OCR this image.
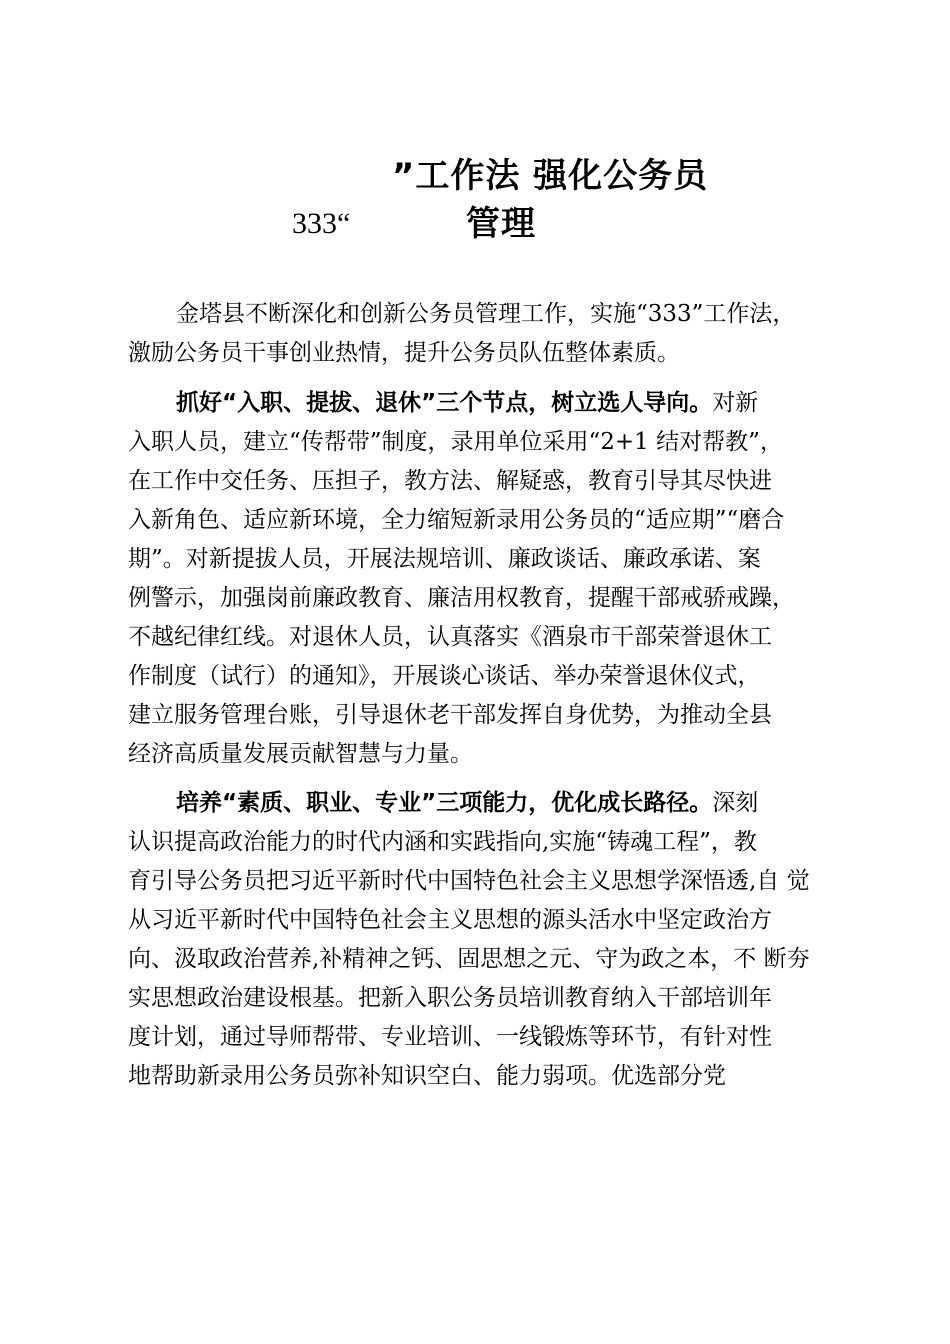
”工作法 强化公务员
333“	管理
金塔县不断深化和创新公务员管理工作，实施“333”工作法，
激励公务员干事创业热情，提升公务员队伍整体素质。
抓好“入职、提拔、退休”三个节点，树立选人导向。对新
入职人员，建立“传帮带”制度，录用单位采用“2+1 结对帮教”，
在工作中交任务、压担子，教方法、解疑惑，教育引导其尽快进
入新角色、适应新环境，全力缩短新录用公务员的“适应期”“磨合
期”。对新提拔人员，开展法规培训、廉政谈话、廉政承诺、案
例警示，加强岗前廉政教育、廉洁用权教育，提醒干部戒骄戒躁，
不越纪律红线。对退休人员，认真落实《酒泉市干部荣誉退休工
作制度（试行）的通知》，开展谈心谈话、举办荣誉退休仪式，
建立服务管理台账，引导退休老干部发挥自身优势，为推动全县
经济高质量发展贡献智慧与力量。
培养“素质、职业、专业”三项能力，优化成长路径。深刻
认识提高政治能力的时代内涵和实践指向,实施“铸魂工程”，教
育引导公务员把习近平新时代中国特色社会主义思想学深悟透,自 觉
从习近平新时代中国特色社会主义思想的源头活水中坚定政治方
向、汲取政治营养,补精神之钙、固思想之元、守为政之本，不 断夯
实思想政治建设根基。把新入职公务员培训教育纳入干部培训年
度计划，通过导师帮带、专业培训、一线锻炼等环节，有针对性
地帮助新录用公务员弥补知识空白、能力弱项。优选部分党
